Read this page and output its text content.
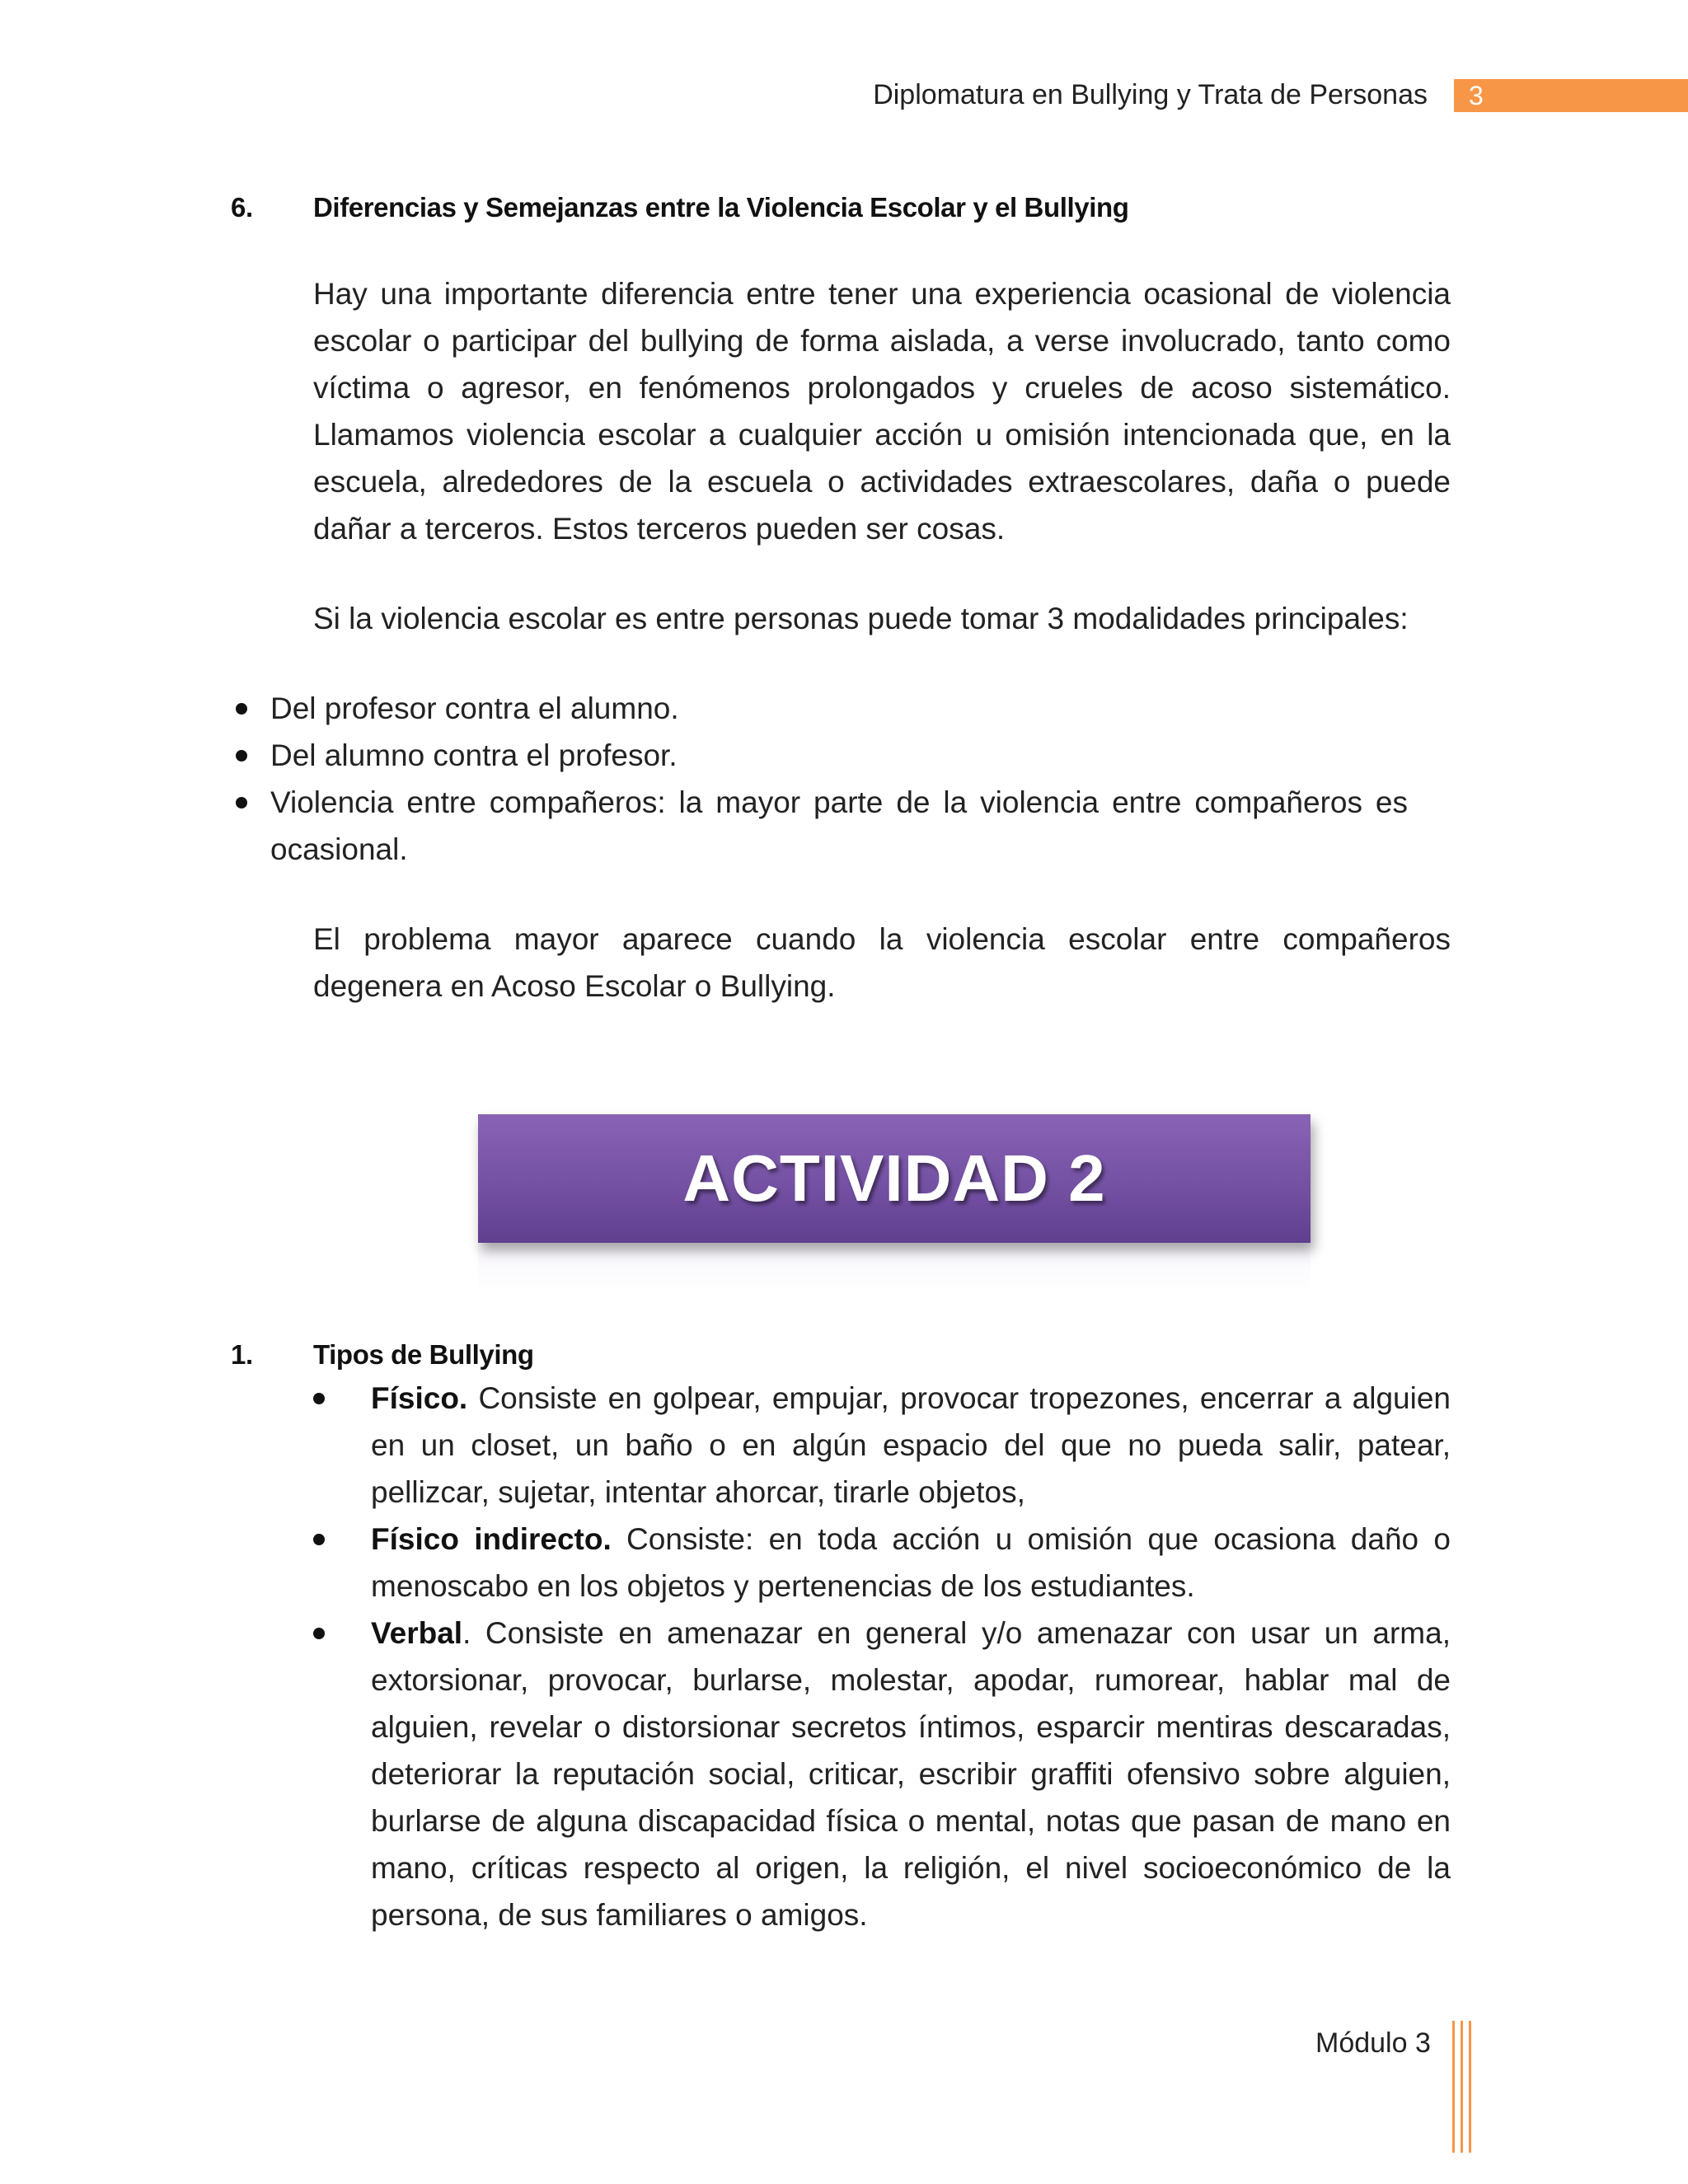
Diplomatura en Bullying y Trata de Personas 3
6.	Diferencias y Semejanzas entre la Violencia Escolar y el Bullying

Hay una importante diferencia entre tener una experiencia ocasional de violencia escolar o participar del bullying de forma aislada, a verse involucrado, tanto como víctima o agresor, en fenómenos prolongados y crueles de acoso sistemático. Llamamos violencia escolar a cualquier acción u omisión intencionada que, en la escuela, alrededores de la escuela o actividades extraescolares, daña o puede dañar a terceros. Estos terceros pueden ser cosas.

Si la violencia escolar es entre personas puede tomar 3 modalidades principales:

Del profesor contra el alumno.
Del alumno contra el profesor.
Violencia entre compañeros: la mayor parte de la violencia entre compañeros es ocasional.

El problema mayor aparece cuando la violencia escolar entre compañeros degenera en Acoso Escolar o Bullying.

ACTIVIDAD 2
1.	Tipos de Bullying
Físico. Consiste en golpear, empujar, provocar tropezones, encerrar a alguien en un closet, un baño o en algún espacio del que no pueda salir, patear, pellizcar, sujetar, intentar ahorcar, tirarle objetos,
Físico indirecto. Consiste: en toda acción u omisión que ocasiona daño o menoscabo en los objetos y pertenencias de los estudiantes.
Verbal. Consiste en amenazar en general y/o amenazar con usar un arma, extorsionar, provocar, burlarse, molestar, apodar, rumorear, hablar mal de alguien, revelar o distorsionar secretos íntimos, esparcir mentiras descaradas, deteriorar la reputación social, criticar, escribir graffiti ofensivo sobre alguien, burlarse de alguna discapacidad física o mental, notas que pasan de mano en mano, críticas respecto al origen, la religión, el nivel socioeconómico de la persona, de sus familiares o amigos.
Módulo 3
